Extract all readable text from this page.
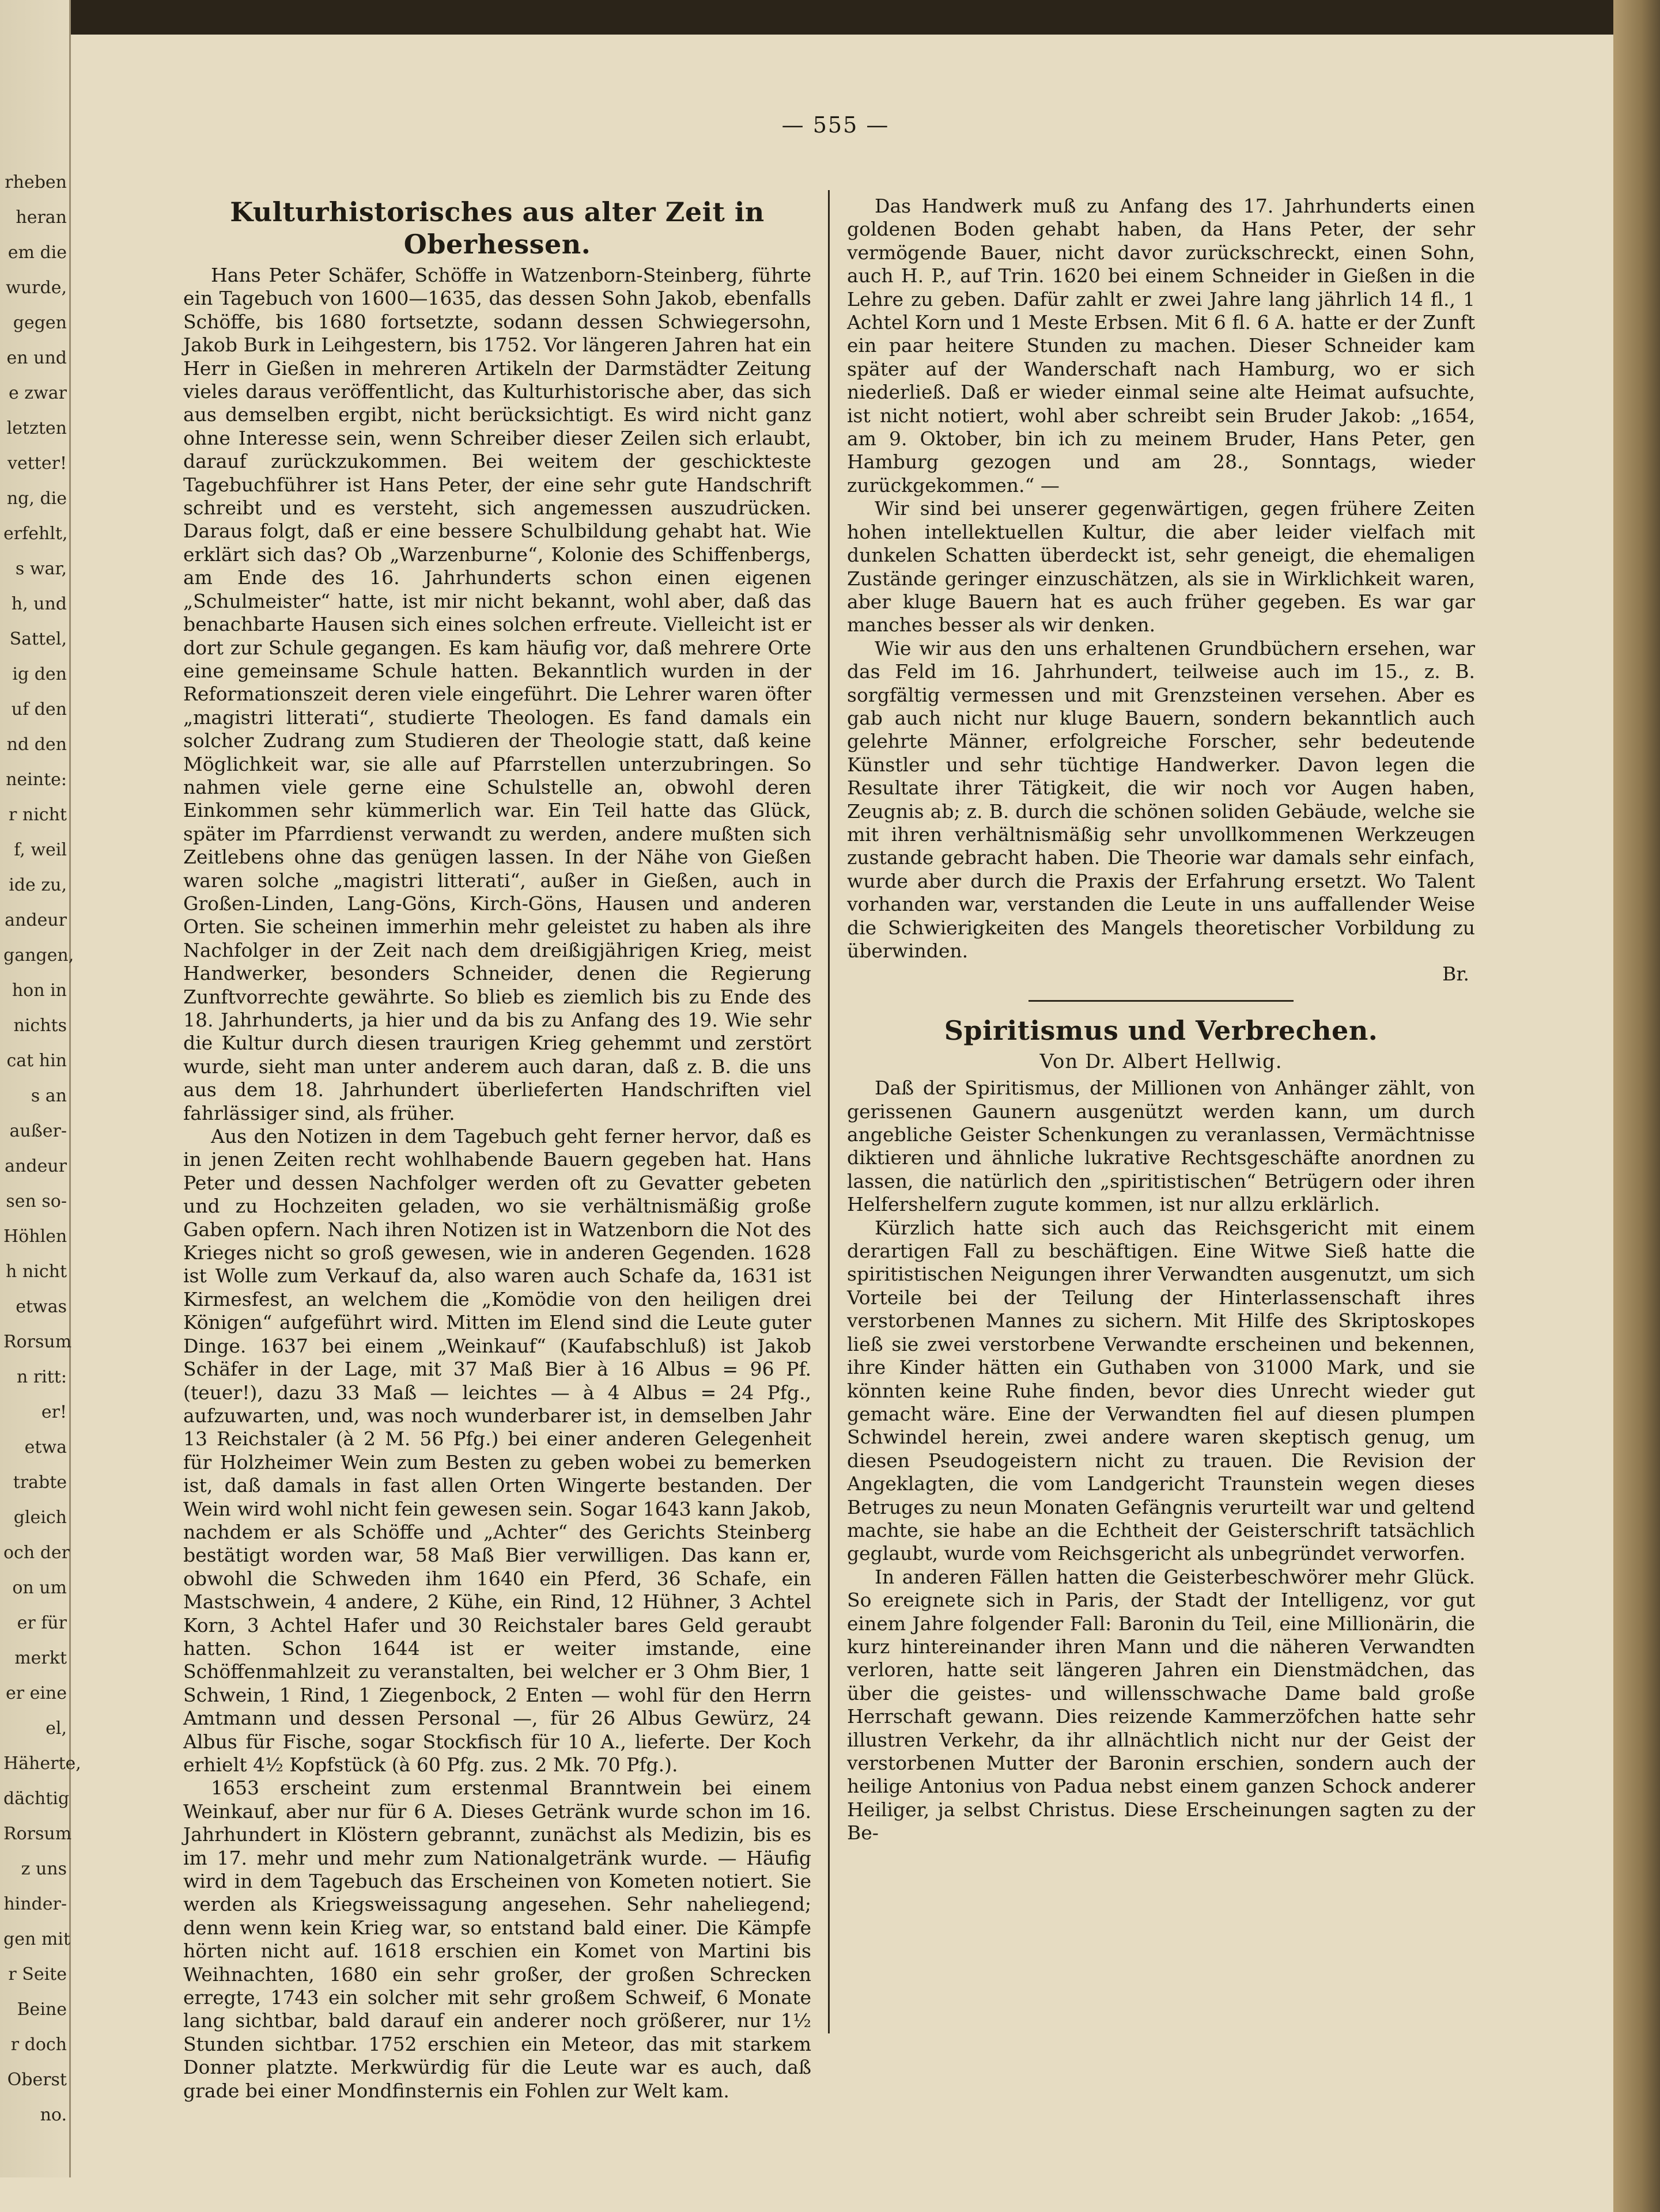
rheben
heran
em die
wurde,
gegen
en und
e zwar
letzten
vetter!
ng, die
erfehlt,
s war,
h, und
Sattel,
ig den
uf den
nd den
neinte:
r nicht
f, weil
ide zu,
andeur
gangen,
hon in
nichts
cat hin
s an
außer-
andeur
sen so-
Höhlen
h nicht
etwas
Rorsum
n ritt:
er!
etwa
trabte
gleich
och der
on um
er für
merkt
er eine
el,
Häherte,
dächtig
Rorsum
z uns
hinder-
gen mit
r Seite
Beine
r doch
Oberst
no.
— 555 —
Kulturhistorisches aus alter Zeit in Oberhessen.

Hans Peter Schäfer, Schöffe in Watzenborn-Steinberg, führte ein Tagebuch von 1600—1635, das dessen Sohn Jakob, ebenfalls Schöffe, bis 1680 fortsetzte, sodann dessen Schwiegersohn, Jakob Burk in Leihgestern, bis 1752. Vor längeren Jahren hat ein Herr in Gießen in mehreren Artikeln der Darmstädter Zeitung vieles daraus veröffentlicht, das Kulturhistorische aber, das sich aus demselben ergibt, nicht berücksichtigt. Es wird nicht ganz ohne Interesse sein, wenn Schreiber dieser Zeilen sich erlaubt, darauf zurückzukommen. Bei weitem der geschickteste Tagebuchführer ist Hans Peter, der eine sehr gute Handschrift schreibt und es versteht, sich angemessen auszudrücken. Daraus folgt, daß er eine bessere Schulbildung gehabt hat. Wie erklärt sich das? Ob „Warzenburne“, Kolonie des Schiffenbergs, am Ende des 16. Jahrhunderts schon einen eigenen „Schulmeister“ hatte, ist mir nicht bekannt, wohl aber, daß das benachbarte Hausen sich eines solchen erfreute. Vielleicht ist er dort zur Schule gegangen. Es kam häufig vor, daß mehrere Orte eine gemeinsame Schule hatten. Bekanntlich wurden in der Reformationszeit deren viele eingeführt. Die Lehrer waren öfter „magistri litterati“, studierte Theologen. Es fand damals ein solcher Zudrang zum Studieren der Theologie statt, daß keine Möglichkeit war, sie alle auf Pfarrstellen unterzubringen. So nahmen viele gerne eine Schulstelle an, obwohl deren Einkommen sehr kümmerlich war. Ein Teil hatte das Glück, später im Pfarrdienst verwandt zu werden, andere mußten sich Zeitlebens ohne das genügen lassen. In der Nähe von Gießen waren solche „magistri litterati“, außer in Gießen, auch in Großen-Linden, Lang-Göns, Kirch-Göns, Hausen und anderen Orten. Sie scheinen immerhin mehr geleistet zu haben als ihre Nachfolger in der Zeit nach dem dreißigjährigen Krieg, meist Handwerker, besonders Schneider, denen die Regierung Zunftvorrechte gewährte. So blieb es ziemlich bis zu Ende des 18. Jahrhunderts, ja hier und da bis zu Anfang des 19. Wie sehr die Kultur durch diesen traurigen Krieg gehemmt und zerstört wurde, sieht man unter anderem auch daran, daß z. B. die uns aus dem 18. Jahrhundert überlieferten Handschriften viel fahrlässiger sind, als früher.

Aus den Notizen in dem Tagebuch geht ferner hervor, daß es in jenen Zeiten recht wohlhabende Bauern gegeben hat. Hans Peter und dessen Nachfolger werden oft zu Gevatter gebeten und zu Hochzeiten geladen, wo sie verhältnismäßig große Gaben opfern. Nach ihren Notizen ist in Watzenborn die Not des Krieges nicht so groß gewesen, wie in anderen Gegenden. 1628 ist Wolle zum Verkauf da, also waren auch Schafe da, 1631 ist Kirmesfest, an welchem die „Komödie von den heiligen drei Königen“ aufgeführt wird. Mitten im Elend sind die Leute guter Dinge. 1637 bei einem „Weinkauf“ (Kaufabschluß) ist Jakob Schäfer in der Lage, mit 37 Maß Bier à 16 Albus = 96 Pf. (teuer!), dazu 33 Maß — leichtes — à 4 Albus = 24 Pfg., aufzuwarten, und, was noch wunderbarer ist, in demselben Jahr 13 Reichstaler (à 2 M. 56 Pfg.) bei einer anderen Gelegenheit für Holzheimer Wein zum Besten zu geben wobei zu bemerken ist, daß damals in fast allen Orten Wingerte bestanden. Der Wein wird wohl nicht fein gewesen sein. Sogar 1643 kann Jakob, nachdem er als Schöffe und „Achter“ des Gerichts Steinberg bestätigt worden war, 58 Maß Bier verwilligen. Das kann er, obwohl die Schweden ihm 1640 ein Pferd, 36 Schafe, ein Mastschwein, 4 andere, 2 Kühe, ein Rind, 12 Hühner, 3 Achtel Korn, 3 Achtel Hafer und 30 Reichstaler bares Geld geraubt hatten. Schon 1644 ist er weiter imstande, eine Schöffenmahlzeit zu veranstalten, bei welcher er 3 Ohm Bier, 1 Schwein, 1 Rind, 1 Ziegenbock, 2 Enten — wohl für den Herrn Amtmann und dessen Personal —, für 26 Albus Gewürz, 24 Albus für Fische, sogar Stockfisch für 10 A., lieferte. Der Koch erhielt 4½ Kopfstück (à 60 Pfg. zus. 2 Mk. 70 Pfg.).

1653 erscheint zum erstenmal Branntwein bei einem Weinkauf, aber nur für 6 A. Dieses Getränk wurde schon im 16. Jahrhundert in Klöstern gebrannt, zunächst als Medizin, bis es im 17. mehr und mehr zum Nationalgetränk wurde. — Häufig wird in dem Tagebuch das Erscheinen von Kometen notiert. Sie werden als Kriegsweissagung angesehen. Sehr naheliegend; denn wenn kein Krieg war, so entstand bald einer. Die Kämpfe hörten nicht auf. 1618 erschien ein Komet von Martini bis Weihnachten, 1680 ein sehr großer, der großen Schrecken erregte, 1743 ein solcher mit sehr großem Schweif, 6 Monate lang sichtbar, bald darauf ein anderer noch größerer, nur 1½ Stunden sichtbar. 1752 erschien ein Meteor, das mit starkem Donner platzte. Merkwürdig für die Leute war es auch, daß grade bei einer Mondfinsternis ein Fohlen zur Welt kam.

Das Handwerk muß zu Anfang des 17. Jahrhunderts einen goldenen Boden gehabt haben, da Hans Peter, der sehr vermögende Bauer, nicht davor zurückschreckt, einen Sohn, auch H. P., auf Trin. 1620 bei einem Schneider in Gießen in die Lehre zu geben. Dafür zahlt er zwei Jahre lang jährlich 14 fl., 1 Achtel Korn und 1 Meste Erbsen. Mit 6 fl. 6 A. hatte er der Zunft ein paar heitere Stunden zu machen. Dieser Schneider kam später auf der Wanderschaft nach Hamburg, wo er sich niederließ. Daß er wieder einmal seine alte Heimat aufsuchte, ist nicht notiert, wohl aber schreibt sein Bruder Jakob: „1654, am 9. Oktober, bin ich zu meinem Bruder, Hans Peter, gen Hamburg gezogen und am 28., Sonntags, wieder zurückgekommen.“ —

Wir sind bei unserer gegenwärtigen, gegen frühere Zeiten hohen intellektuellen Kultur, die aber leider vielfach mit dunkelen Schatten überdeckt ist, sehr geneigt, die ehemaligen Zustände geringer einzuschätzen, als sie in Wirklichkeit waren, aber kluge Bauern hat es auch früher gegeben. Es war gar manches besser als wir denken.

Wie wir aus den uns erhaltenen Grundbüchern ersehen, war das Feld im 16. Jahrhundert, teilweise auch im 15., z. B. sorgfältig vermessen und mit Grenzsteinen versehen. Aber es gab auch nicht nur kluge Bauern, sondern bekanntlich auch gelehrte Männer, erfolgreiche Forscher, sehr bedeutende Künstler und sehr tüchtige Handwerker. Davon legen die Resultate ihrer Tätigkeit, die wir noch vor Augen haben, Zeugnis ab; z. B. durch die schönen soliden Gebäude, welche sie mit ihren verhältnismäßig sehr unvollkommenen Werkzeugen zustande gebracht haben. Die Theorie war damals sehr einfach, wurde aber durch die Praxis der Erfahrung ersetzt. Wo Talent vorhanden war, verstanden die Leute in uns auffallender Weise die Schwierigkeiten des Mangels theoretischer Vorbildung zu überwinden.

Br.
Spiritismus und Verbrechen.
Von Dr. Albert Hellwig.

Daß der Spiritismus, der Millionen von Anhänger zählt, von gerissenen Gaunern ausgenützt werden kann, um durch angebliche Geister Schenkungen zu veranlassen, Vermächtnisse diktieren und ähnliche lukrative Rechtsgeschäfte anordnen zu lassen, die natürlich den „spiritistischen“ Betrügern oder ihren Helfershelfern zugute kommen, ist nur allzu erklärlich.

Kürzlich hatte sich auch das Reichsgericht mit einem derartigen Fall zu beschäftigen. Eine Witwe Sieß hatte die spiritistischen Neigungen ihrer Verwandten ausgenutzt, um sich Vorteile bei der Teilung der Hinterlassenschaft ihres verstorbenen Mannes zu sichern. Mit Hilfe des Skriptoskopes ließ sie zwei verstorbene Verwandte erscheinen und bekennen, ihre Kinder hätten ein Guthaben von 31000 Mark, und sie könnten keine Ruhe finden, bevor dies Unrecht wieder gut gemacht wäre. Eine der Verwandten fiel auf diesen plumpen Schwindel herein, zwei andere waren skeptisch genug, um diesen Pseudogeistern nicht zu trauen. Die Revision der Angeklagten, die vom Landgericht Traunstein wegen dieses Betruges zu neun Monaten Gefängnis verurteilt war und geltend machte, sie habe an die Echtheit der Geisterschrift tatsächlich geglaubt, wurde vom Reichsgericht als unbegründet verworfen.

In anderen Fällen hatten die Geisterbeschwörer mehr Glück. So ereignete sich in Paris, der Stadt der Intelligenz, vor gut einem Jahre folgender Fall: Baronin du Teil, eine Millionärin, die kurz hintereinander ihren Mann und die näheren Verwandten verloren, hatte seit längeren Jahren ein Dienstmädchen, das über die geistes- und willensschwache Dame bald große Herrschaft gewann. Dies reizende Kammerzöfchen hatte sehr illustren Verkehr, da ihr allnächtlich nicht nur der Geist der verstorbenen Mutter der Baronin erschien, sondern auch der heilige Antonius von Padua nebst einem ganzen Schock anderer Heiliger, ja selbst Christus. Diese Erscheinungen sagten zu der Be-
